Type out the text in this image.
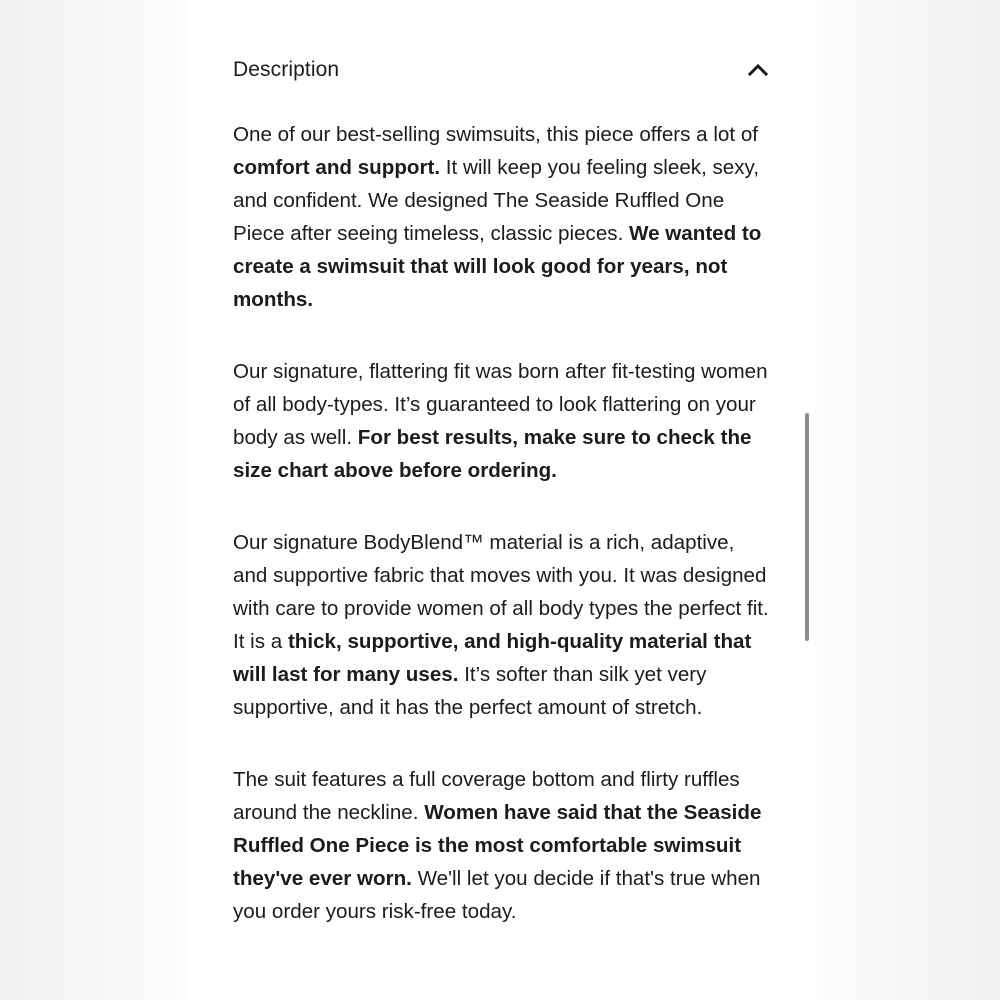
Description

One of our best-selling swimsuits, this piece offers a lot of comfort and support. It will keep you feeling sleek, sexy, and confident. We designed The Seaside Ruffled One Piece after seeing timeless, classic pieces. We wanted to create a swimsuit that will look good for years, not months.

Our signature, flattering fit was born after fit-testing women of all body-types. It’s guaranteed to look flattering on your body as well. For best results, make sure to check the size chart above before ordering.

Our signature BodyBlend™ material is a rich, adaptive, and supportive fabric that moves with you. It was designed with care to provide women of all body types the perfect fit. It is a thick, supportive, and high-quality material that will last for many uses. It’s softer than silk yet very supportive, and it has the perfect amount of stretch.

The suit features a full coverage bottom and flirty ruffles around the neckline. Women have said that the Seaside Ruffled One Piece is the most comfortable swimsuit they've ever worn. We'll let you decide if that's true when you order yours risk-free today.
